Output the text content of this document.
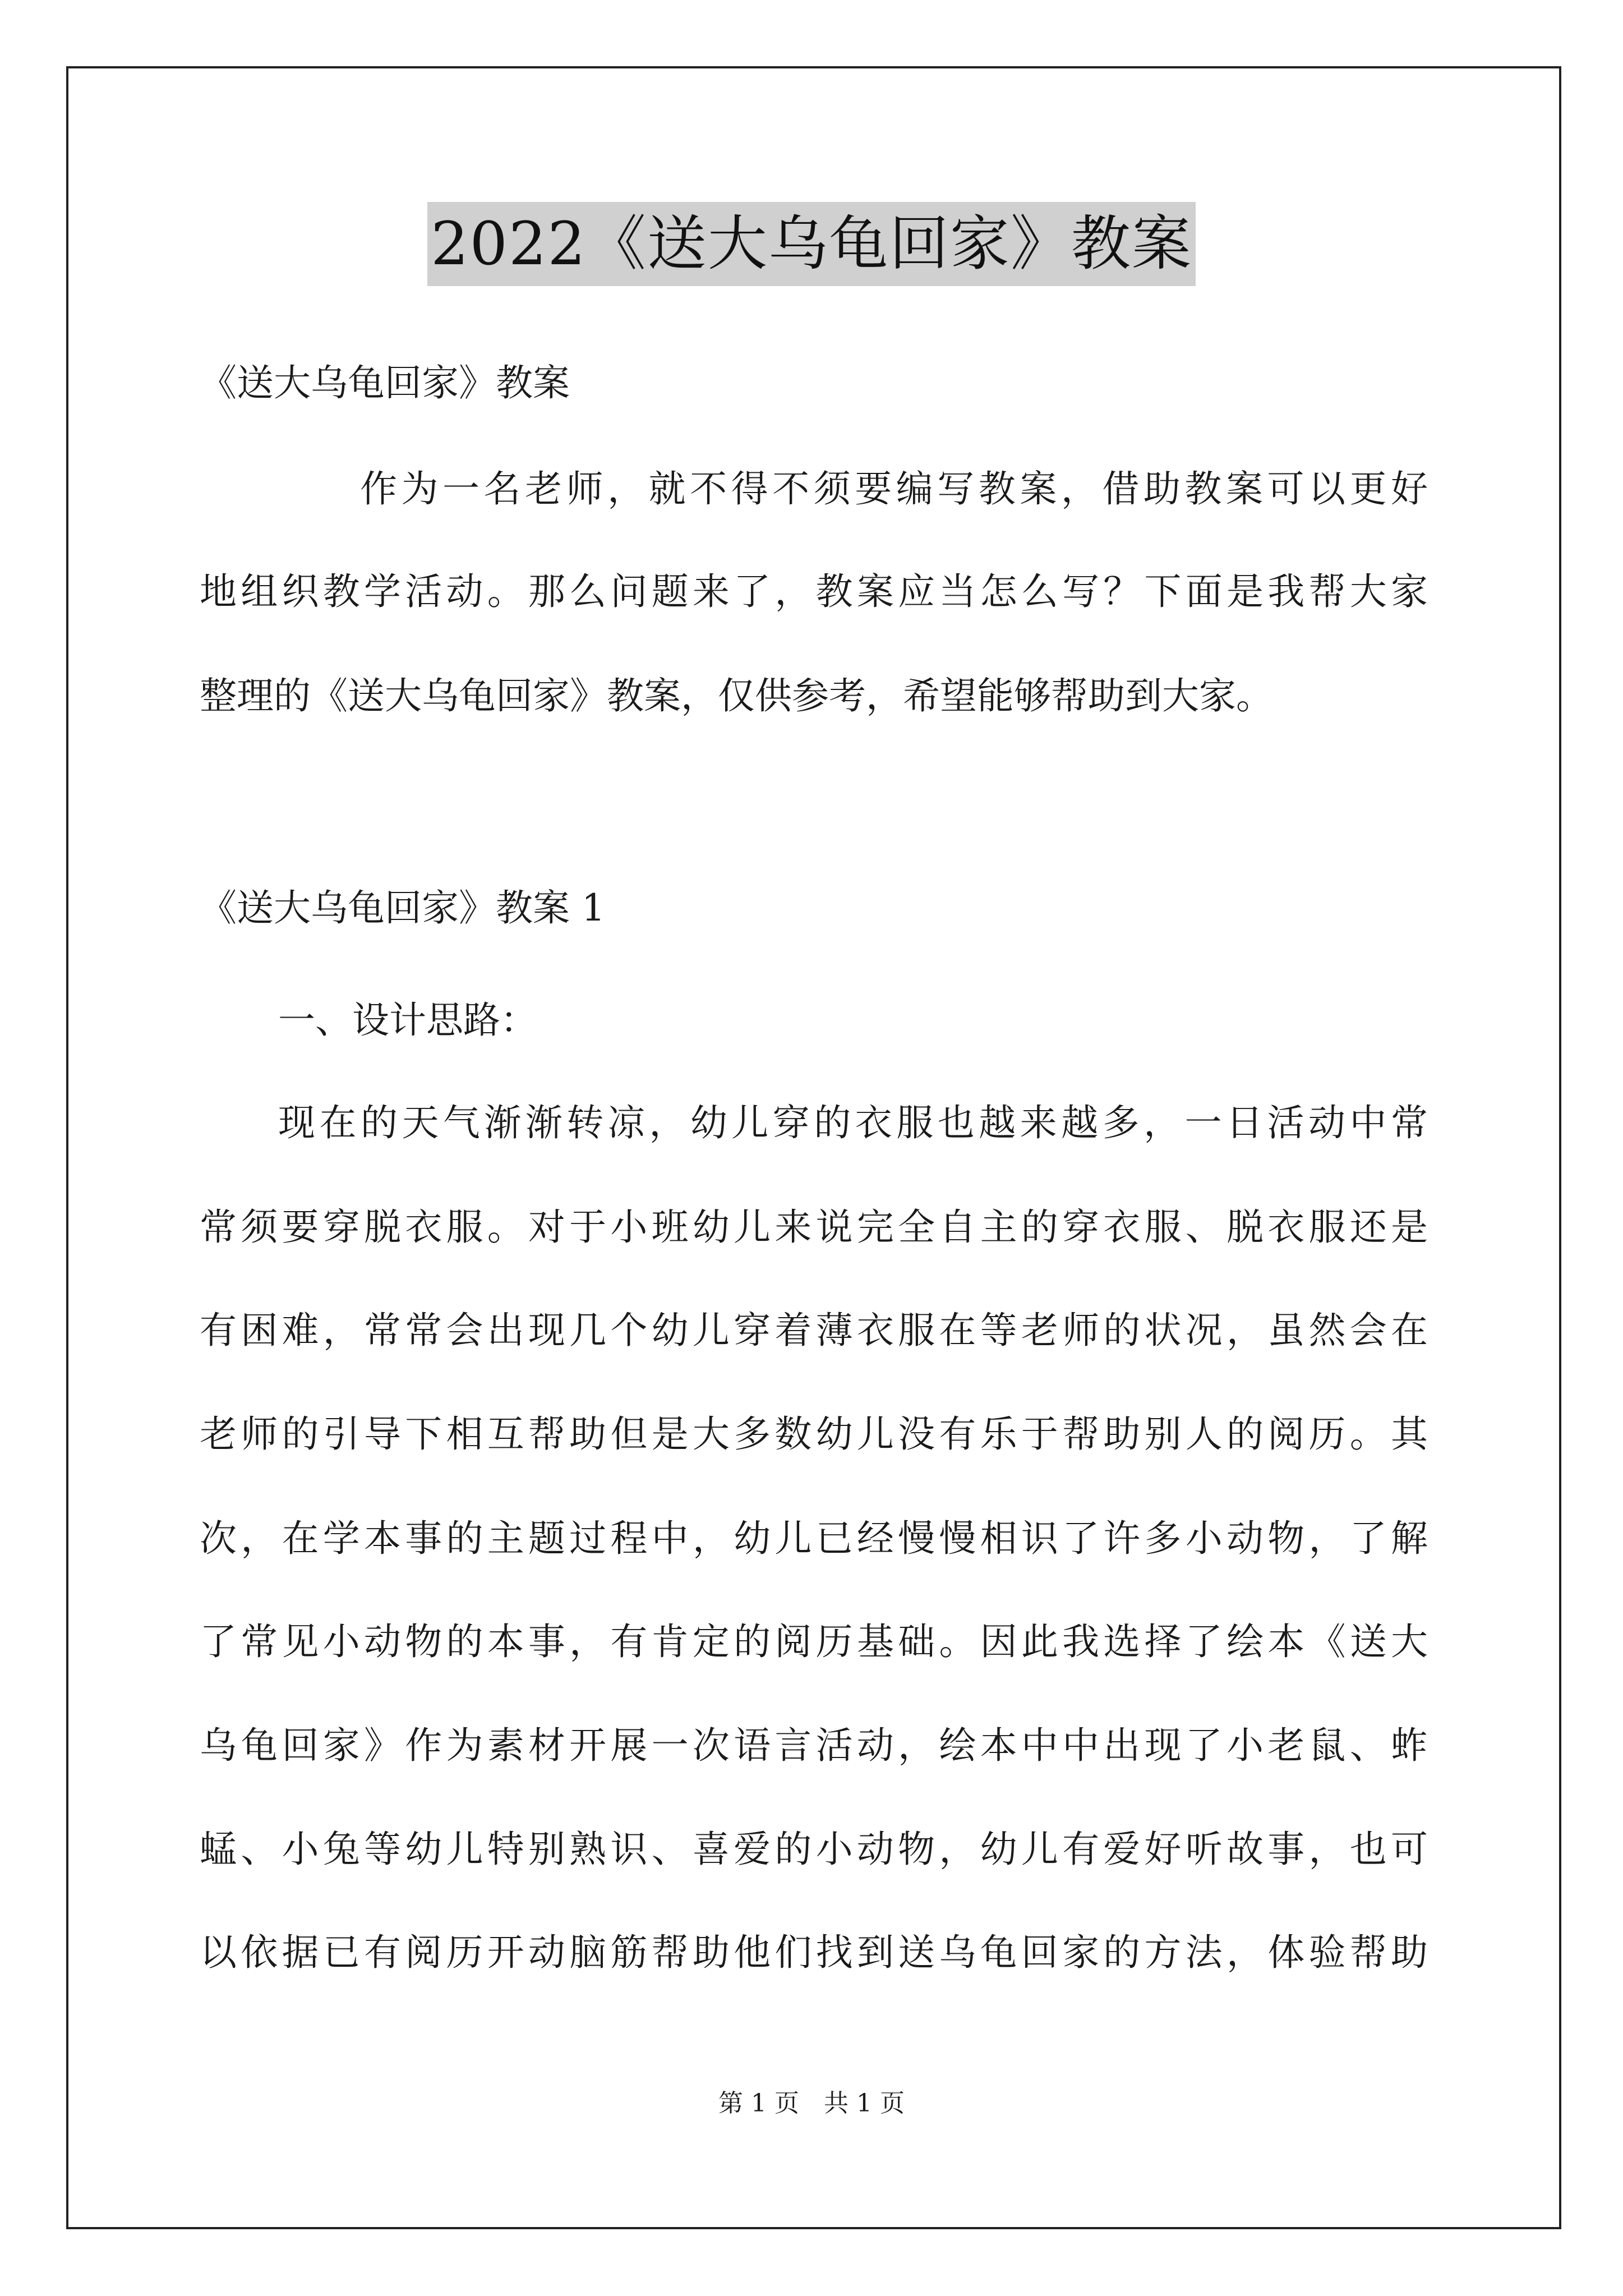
2022《送大乌龟回家》教案
《送大乌龟回家》教案
作为一名老师，就不得不须要编写教案，借助教案可以更好
地组织教学活动。那么问题来了，教案应当怎么写？下面是我帮大家
整理的《送大乌龟回家》教案，仅供参考，希望能够帮助到大家。
《送大乌龟回家》教案 1
一、设计思路：
现在的天气渐渐转凉，幼儿穿的衣服也越来越多，一日活动中常
常须要穿脱衣服。对于小班幼儿来说完全自主的穿衣服、脱衣服还是
有困难，常常会出现几个幼儿穿着薄衣服在等老师的状况，虽然会在
老师的引导下相互帮助但是大多数幼儿没有乐于帮助别人的阅历。其
次，在学本事的主题过程中，幼儿已经慢慢相识了许多小动物，了解
了常见小动物的本事，有肯定的阅历基础。因此我选择了绘本《送大
乌龟回家》作为素材开展一次语言活动，绘本中中出现了小老鼠、蚱
蜢、小兔等幼儿特别熟识、喜爱的小动物，幼儿有爱好听故事，也可
以依据已有阅历开动脑筋帮助他们找到送乌龟回家的方法，体验帮助
第 1 页　共 1 页
